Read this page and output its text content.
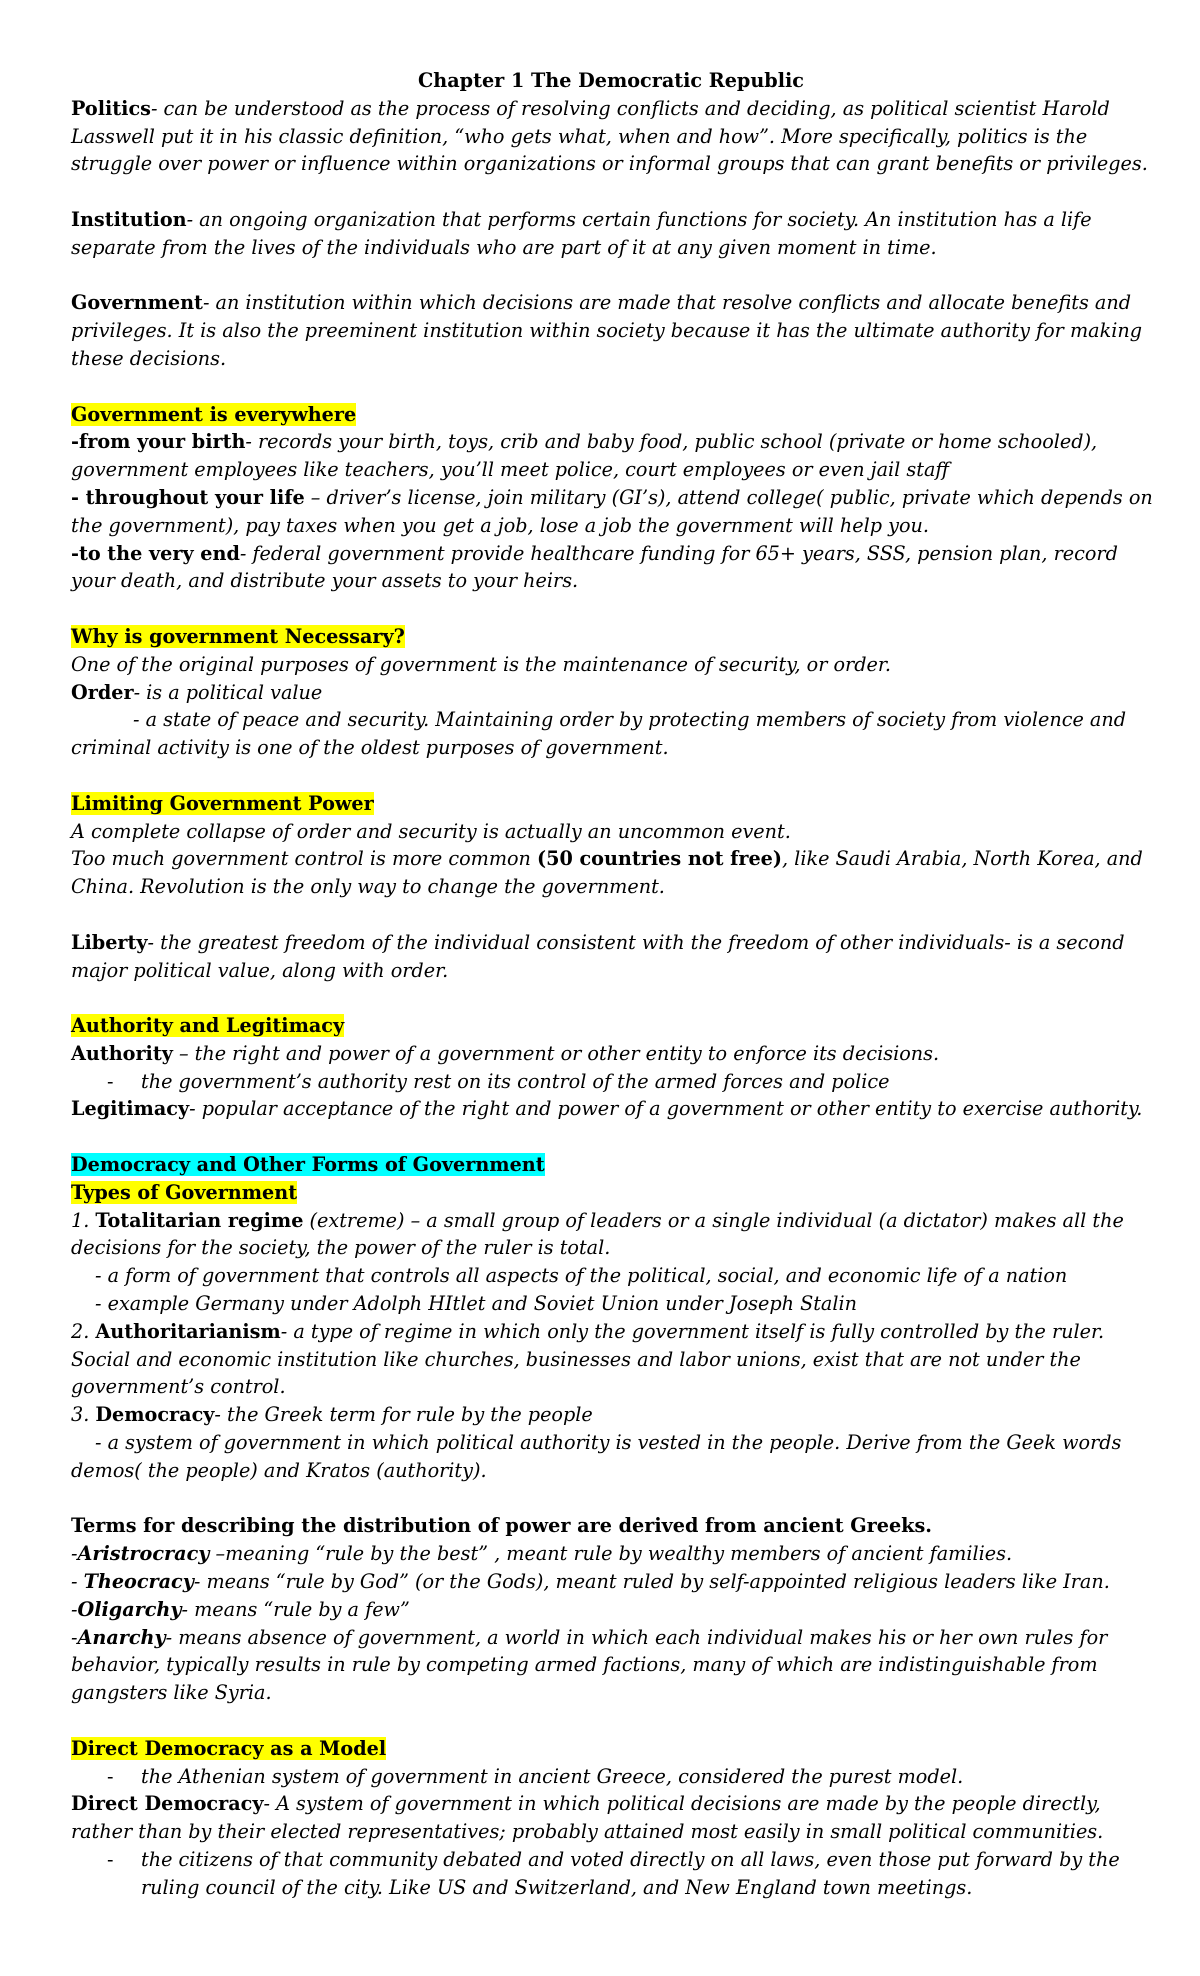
Chapter 1 The Democratic Republic
Politics- can be understood as the process of resolving conflicts and deciding, as political scientist Harold
Lasswell put it in his classic definition, “who gets what, when and how”. More specifically, politics is the
struggle over power or influence within organizations or informal groups that can grant benefits or privileges.
Institution- an ongoing organization that performs certain functions for society. An institution has a life
separate from the lives of the individuals who are part of it at any given moment in time.
Government- an institution within which decisions are made that resolve conflicts and allocate benefits and
privileges. It is also the preeminent institution within society because it has the ultimate authority for making
these decisions.
Government is everywhere
-from your birth- records your birth, toys, crib and baby food, public school (private or home schooled),
government employees like teachers, you’ll meet police, court employees or even jail staff
- throughout your life – driver’s license, join military (GI’s), attend college( public, private which depends on
the government), pay taxes when you get a job, lose a job the government will help you.
-to the very end- federal government provide healthcare funding for 65+ years, SSS, pension plan, record
your death, and distribute your assets to your heirs.
Why is government Necessary?
One of the original purposes of government is the maintenance of security, or order.
Order- is a political value
- a state of peace and security. Maintaining order by protecting members of society from violence and
criminal activity is one of the oldest purposes of government.
Limiting Government Power
A complete collapse of order and security is actually an uncommon event.
Too much government control is more common (50 countries not free), like Saudi Arabia, North Korea, and
China. Revolution is the only way to change the government.
Liberty- the greatest freedom of the individual consistent with the freedom of other individuals- is a second
major political value, along with order.
Authority and Legitimacy
Authority – the right and power of a government or other entity to enforce its decisions.
- the government’s authority rest on its control of the armed forces and police
Legitimacy- popular acceptance of the right and power of a government or other entity to exercise authority.
Democracy and Other Forms of Government
Types of Government
1. Totalitarian regime (extreme) – a small group of leaders or a single individual (a dictator) makes all the
decisions for the society, the power of the ruler is total.
- a form of government that controls all aspects of the political, social, and economic life of a nation
- example Germany under Adolph HItlet and Soviet Union under Joseph Stalin
2. Authoritarianism- a type of regime in which only the government itself is fully controlled by the ruler.
Social and economic institution like churches, businesses and labor unions, exist that are not under the
government’s control.
3. Democracy- the Greek term for rule by the people
- a system of government in which political authority is vested in the people. Derive from the Geek words
demos( the people) and Kratos (authority).
Terms for describing the distribution of power are derived from ancient Greeks.
-Aristrocracy –meaning “rule by the best” , meant rule by wealthy members of ancient families.
- Theocracy- means “rule by God” (or the Gods), meant ruled by self-appointed religious leaders like Iran.
-Oligarchy- means “rule by a few”
-Anarchy- means absence of government, a world in which each individual makes his or her own rules for
behavior, typically results in rule by competing armed factions, many of which are indistinguishable from
gangsters like Syria.
Direct Democracy as a Model
- the Athenian system of government in ancient Greece, considered the purest model.
Direct Democracy- A system of government in which political decisions are made by the people directly,
rather than by their elected representatives; probably attained most easily in small political communities.
- the citizens of that community debated and voted directly on all laws, even those put forward by the
ruling council of the city. Like US and Switzerland, and New England town meetings.
